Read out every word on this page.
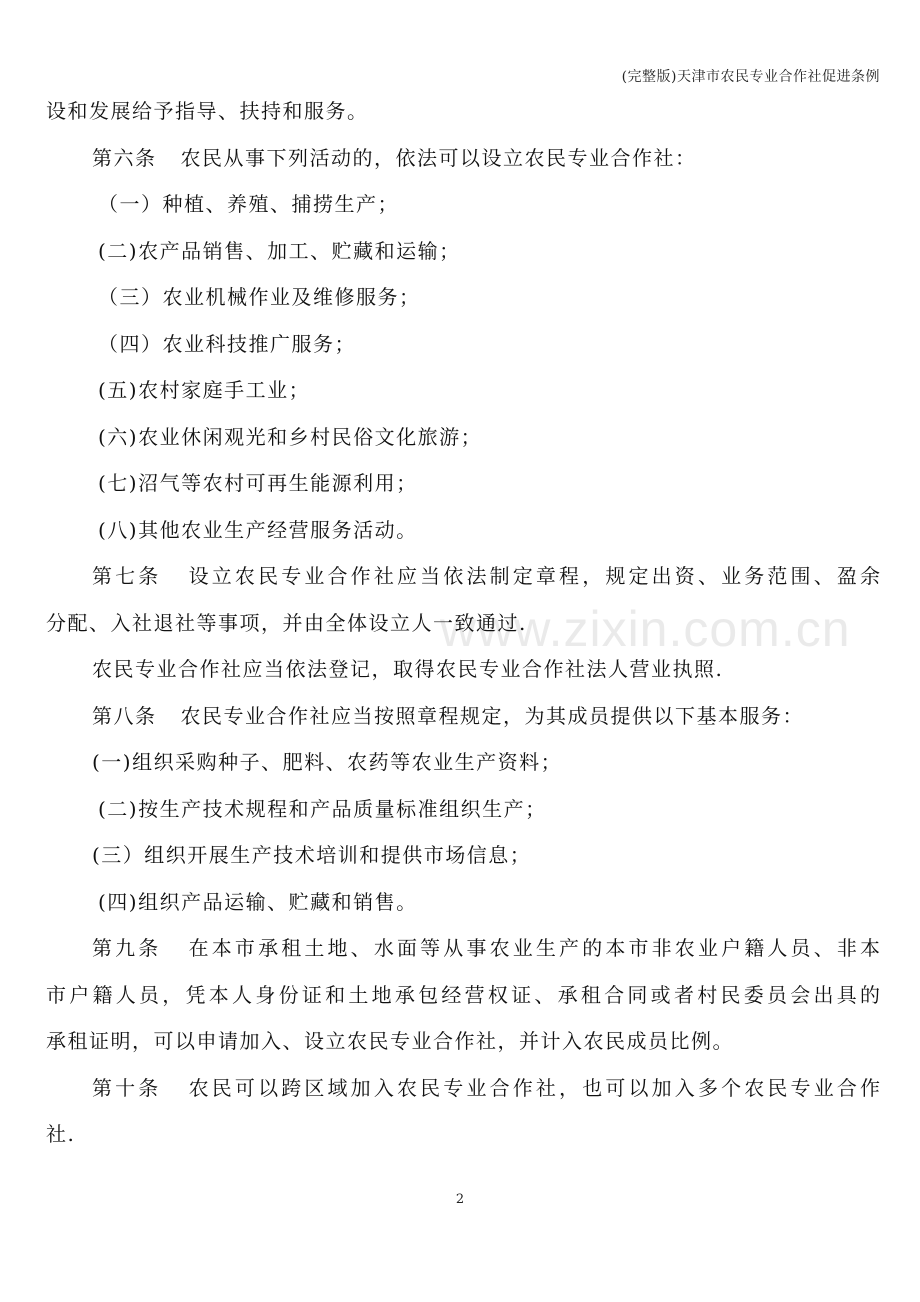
(完整版)天津市农民专业合作社促进条例
www.zixin.com.cn
设和发展给予指导、扶持和服务。
第六条 农民从事下列活动的，依法可以设立农民专业合作社：
（一）种植、养殖、捕捞生产；
(二)农产品销售、加工、贮藏和运输；
（三）农业机械作业及维修服务；
（四）农业科技推广服务；
(五)农村家庭手工业；
(六)农业休闲观光和乡村民俗文化旅游；
(七)沼气等农村可再生能源利用；
(八)其他农业生产经营服务活动。
第七条 设立农民专业合作社应当依法制定章程，规定出资、业务范围、盈余
分配、入社退社等事项，并由全体设立人一致通过.
农民专业合作社应当依法登记，取得农民专业合作社法人营业执照.
第八条 农民专业合作社应当按照章程规定，为其成员提供以下基本服务：
(一)组织采购种子、肥料、农药等农业生产资料；
(二)按生产技术规程和产品质量标准组织生产；
(三）组织开展生产技术培训和提供市场信息；
(四)组织产品运输、贮藏和销售。
第九条 在本市承租土地、水面等从事农业生产的本市非农业户籍人员、非本
市户籍人员，凭本人身份证和土地承包经营权证、承租合同或者村民委员会出具的
承租证明，可以申请加入、设立农民专业合作社，并计入农民成员比例。
第十条 农民可以跨区域加入农民专业合作社，也可以加入多个农民专业合作
社.
2
